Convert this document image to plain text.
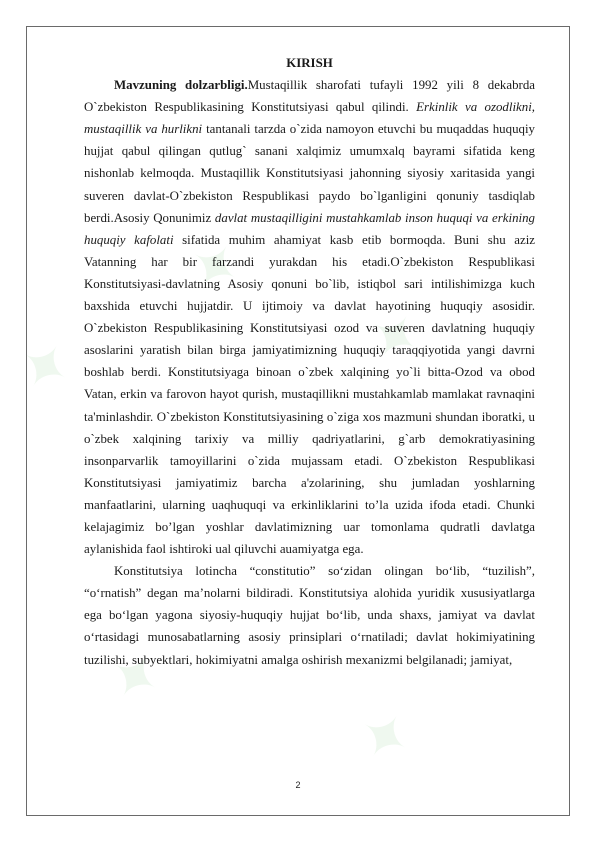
✦
✦
✦
✦
✦
KIRISH

Mavzuning dolzarbligi.Mustaqillik sharofati tufayli 1992 yili 8 dekabrda O`zbekiston Respublikasining Konstitutsiyasi qabul qilindi. Erkinlik va ozodlikni, mustaqillik va hurlikni tantanali tarzda o`zida namoyon etuvchi bu muqaddas huquqiy hujjat qabul qilingan qutlug` sanani xalqimiz umumxalq bayrami sifatida keng nishonlab kelmoqda. Mustaqillik Konstitutsiyasi jahonning siyosiy xaritasida yangi suveren davlat-O`zbekiston Respublikasi paydo bo`lganligini qonuniy tasdiqlab berdi.Asosiy Qonunimiz davlat mustaqilligini mustahkamlab inson huquqi va erkining huquqiy kafolati sifatida muhim ahamiyat kasb etib bormoqda. Buni shu aziz Vatanning har bir farzandi yurakdan his etadi.O`zbekiston Respublikasi Konstitutsiyasi-davlatning Asosiy qonuni bo`lib, istiqbol sari intilishimizga kuch baxshida etuvchi hujjatdir. U ijtimoiy va davlat hayotining huquqiy asosidir. O`zbekiston Respublikasining Konstitutsiyasi ozod va suveren davlatning huquqiy asoslarini yaratish bilan birga jamiyatimizning huquqiy taraqqiyotida yangi davrni boshlab berdi. Konstitutsiyaga binoan o`zbek xalqining yo`li bitta-Ozod va obod Vatan, erkin va farovon hayot qurish, mustaqillikni mustahkamlab mamlakat ravnaqini ta'minlashdir. O`zbekiston Konstitutsiyasining o`ziga xos mazmuni shundan iboratki, u o`zbek xalqining tarixiy va milliy qadriyatlarini, g`arb demokratiyasining insonparvarlik tamoyillarini o`zida mujassam etadi. O`zbekiston Respublikasi Konstitutsiyasi jamiyatimiz barcha a'zolarining, shu jumladan yoshlarning manfaatlarini, ularning uaqhuquqi va erkinliklarini to’la uzida ifoda etadi. Chunki kelajagimiz bo’lgan yoshlar davlatimizning uar tomonlama qudratli davlatga aylanishida faol ishtiroki ual qiluvchi auamiyatga ega.

Konstitutsiya lotincha “constitutio” so‘zidan olingan bo‘lib, “tuzilish”, “o‘rnatish” degan ma’nolarni bildiradi. Konstitutsiya alohida yuridik xususiyatlarga ega bo‘lgan yagona siyosiy-huquqiy hujjat bo‘lib, unda shaxs, jamiyat va davlat o‘rtasidagi munosabatlarning asosiy prinsiplari o‘rnatiladi; davlat hokimiyatining tuzilishi, subyektlari, hokimiyatni amalga oshirish mexanizmi belgilanadi; jamiyat,

2
